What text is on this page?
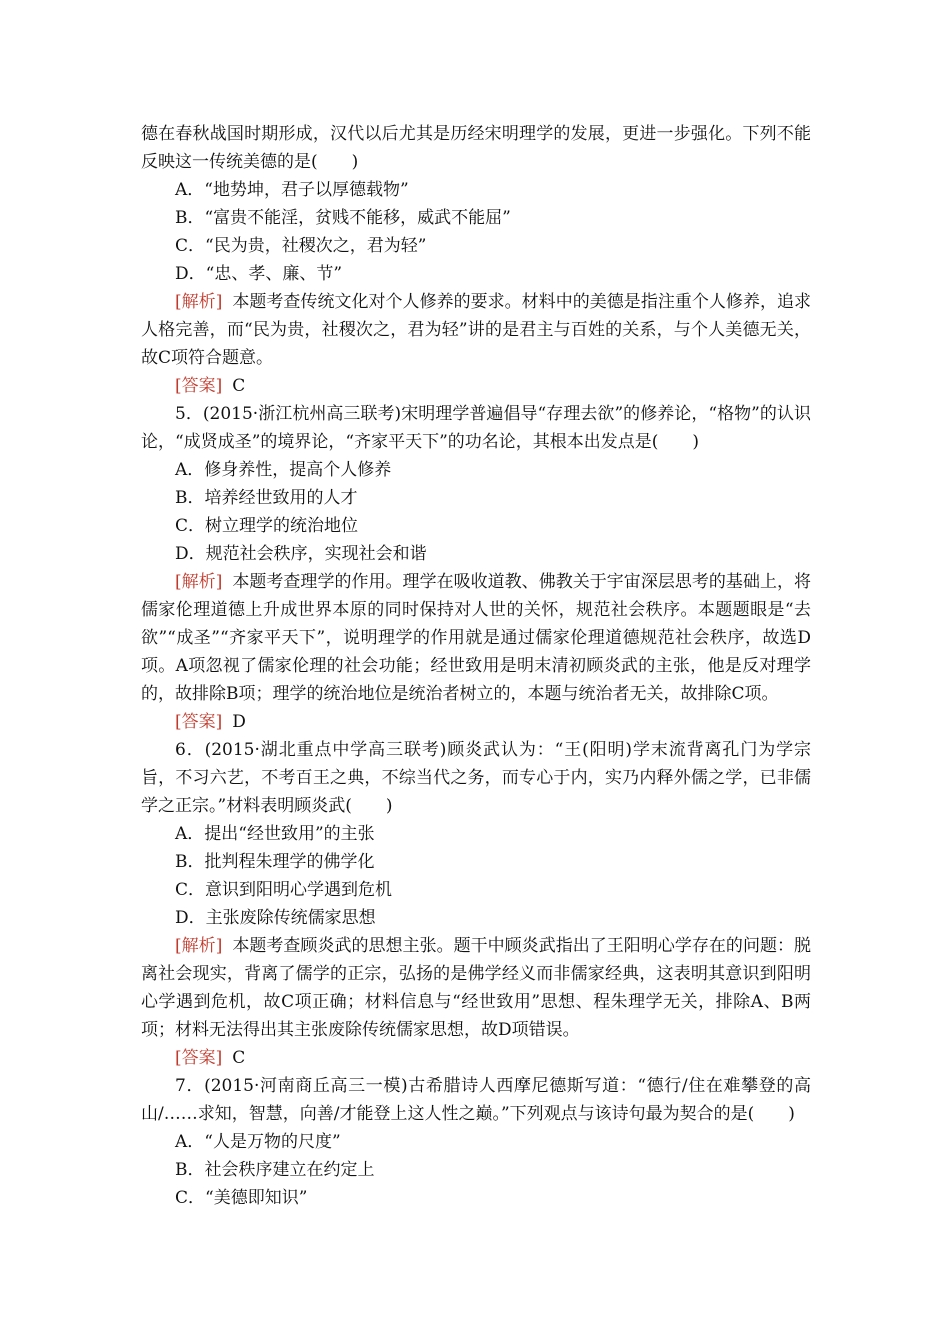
德在春秋战国时期形成，汉代以后尤其是历经宋明理学的发展，更进一步强化。下列不能反映这一传统美德的是(　　)

A．“地势坤，君子以厚德载物”

B．“富贵不能淫，贫贱不能移，威武不能屈”

C．“民为贵，社稷次之，君为轻”

D．“忠、孝、廉、节”

[解析] 本题考查传统文化对个人修养的要求。材料中的美德是指注重个人修养，追求人格完善，而“民为贵，社稷次之，君为轻”讲的是君主与百姓的关系，与个人美德无关，故C项符合题意。

[答案] C

5．(2015·浙江杭州高三联考)宋明理学普遍倡导“存理去欲”的修养论，“格物”的认识论，“成贤成圣”的境界论，“齐家平天下”的功名论，其根本出发点是(　　)

A．修身养性，提高个人修养

B．培养经世致用的人才

C．树立理学的统治地位

D．规范社会秩序，实现社会和谐

[解析] 本题考查理学的作用。理学在吸收道教、佛教关于宇宙深层思考的基础上，将儒家伦理道德上升成世界本原的同时保持对人世的关怀，规范社会秩序。本题题眼是“去欲”“成圣”“齐家平天下”，说明理学的作用就是通过儒家伦理道德规范社会秩序，故选D项。A项忽视了儒家伦理的社会功能；经世致用是明末清初顾炎武的主张，他是反对理学的，故排除B项；理学的统治地位是统治者树立的，本题与统治者无关，故排除C项。

[答案] D

6．(2015·湖北重点中学高三联考)顾炎武认为：“王(阳明)学末流背离孔门为学宗旨，不习六艺，不考百王之典，不综当代之务，而专心于内，实乃内释外儒之学，已非儒学之正宗。”材料表明顾炎武(　　)

A．提出“经世致用”的主张

B．批判程朱理学的佛学化

C．意识到阳明心学遇到危机

D．主张废除传统儒家思想

[解析] 本题考查顾炎武的思想主张。题干中顾炎武指出了王阳明心学存在的问题：脱离社会现实，背离了儒学的正宗，弘扬的是佛学经义而非儒家经典，这表明其意识到阳明心学遇到危机，故C项正确；材料信息与“经世致用”思想、程朱理学无关，排除A、B两项；材料无法得出其主张废除传统儒家思想，故D项错误。

[答案] C

7．(2015·河南商丘高三一模)古希腊诗人西摩尼德斯写道：“德行/住在难攀登的高山/……求知，智慧，向善/才能登上这人性之巅。”下列观点与该诗句最为契合的是(　　)

A．“人是万物的尺度”

B．社会秩序建立在约定上

C．“美德即知识”
